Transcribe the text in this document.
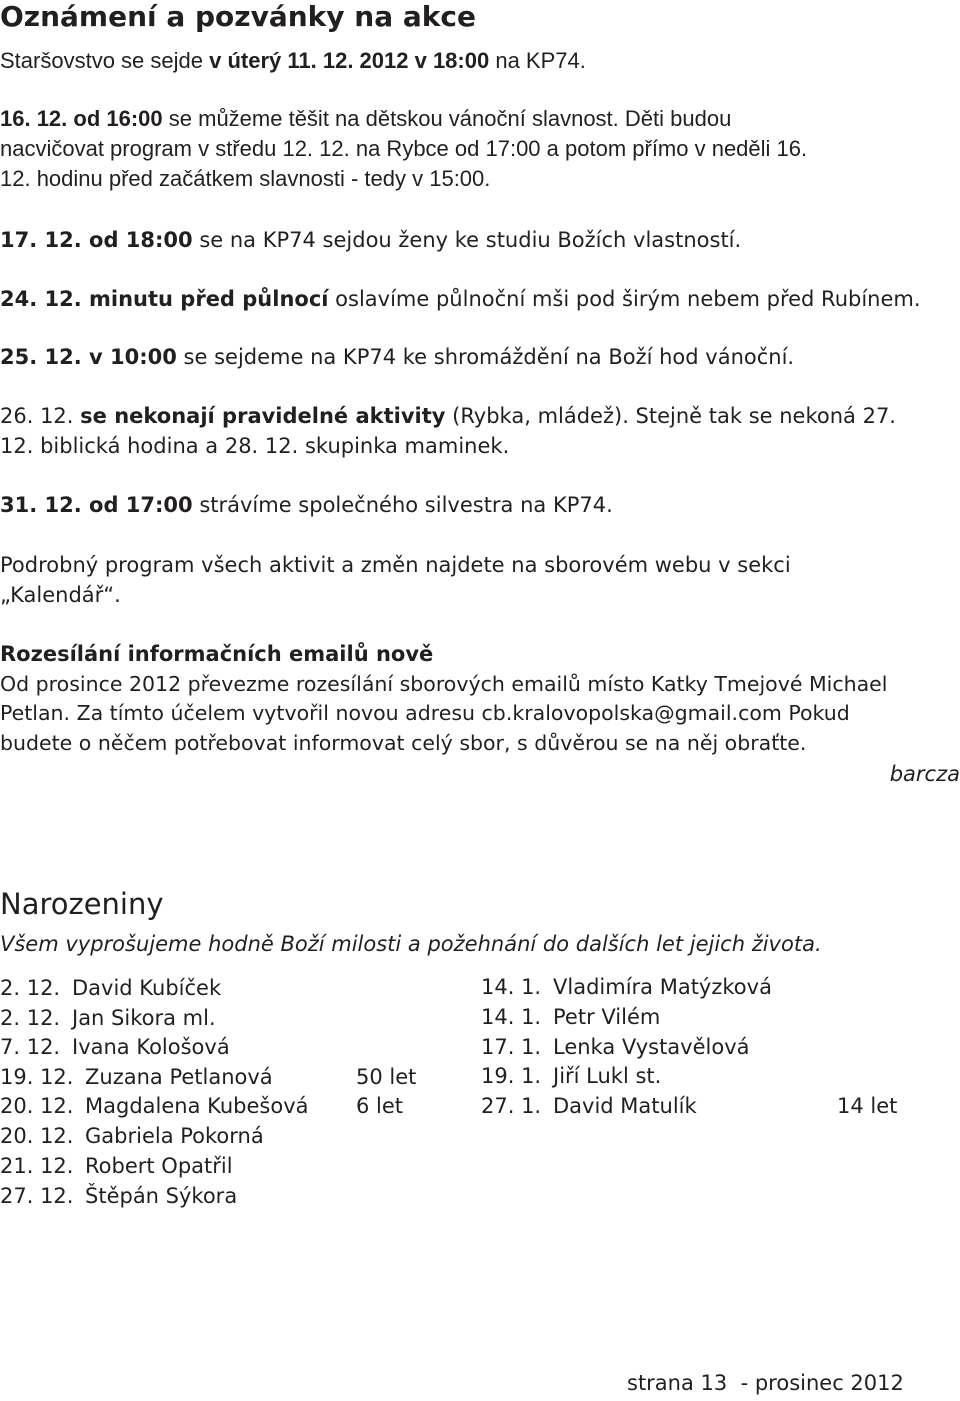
Oznámení a pozvánky na akce
Staršovstvo se sejde v úterý 11. 12. 2012 v 18:00 na KP74.
16. 12. od 16:00 se můžeme těšit na dětskou vánoční slavnost. Děti budou
nacvičovat program v středu 12. 12. na Rybce od 17:00 a potom přímo v neděli 16.
12. hodinu před začátkem slavnosti - tedy v 15:00.
17. 12. od 18:00 se na KP74 sejdou ženy ke studiu Božích vlastností.
24. 12. minutu před půlnocí oslavíme půlnoční mši pod širým nebem před Rubínem.
25. 12. v 10:00 se sejdeme na KP74 ke shromáždění na Boží hod vánoční.
26. 12. se nekonají pravidelné aktivity (Rybka, mládež). Stejně tak se nekoná 27.
12. biblická hodina a 28. 12. skupinka maminek.
31. 12. od 17:00 strávíme společného silvestra na KP74.
Podrobný program všech aktivit a změn najdete na sborovém webu v sekci
„Kalendář“.
Rozesílání informačních emailů nově
Od prosince 2012 převezme rozesílání sborových emailů místo Katky Tmejové Michael
Petlan. Za tímto účelem vytvořil novou adresu cb.kralovopolska@gmail.com Pokud
budete o něčem potřebovat informovat celý sbor, s důvěrou se na něj obraťte.
barcza
Narozeniny
Všem vyprošujeme hodně Boží milosti a požehnání do dalších let jejich života.
2. 12. David Kubíček
2. 12. Jan Sikora ml.
7. 12. Ivana Kološová
19. 12. Zuzana Petlanová	50 let
20. 12. Magdalena Kubešová 6 let
20. 12. Gabriela Pokorná
21. 12. Robert Opatřil
27. 12. Štěpán Sýkora
14. 1. Vladimíra Matýzková
14. 1. Petr Vilém
17. 1. Lenka Vystavělová
19. 1. Jiří Lukl st.
27. 1. David Matulík	14 let
strana 13  - prosinec 2012
